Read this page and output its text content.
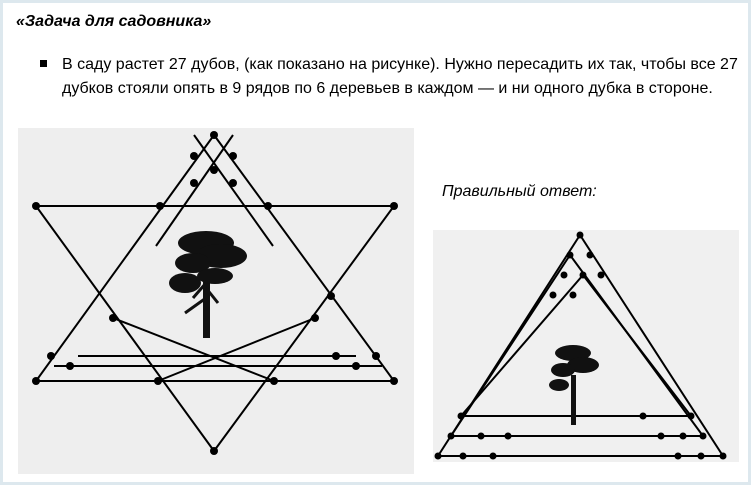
«Задача для садовника»
В саду растет 27 дубов, (как показано на рисунке). Нужно пересадить их так, чтобы все 27 дубков стояли опять в 9 рядов по 6 деревьев в каждом — и ни одного дубка в стороне.
Правильный ответ:
